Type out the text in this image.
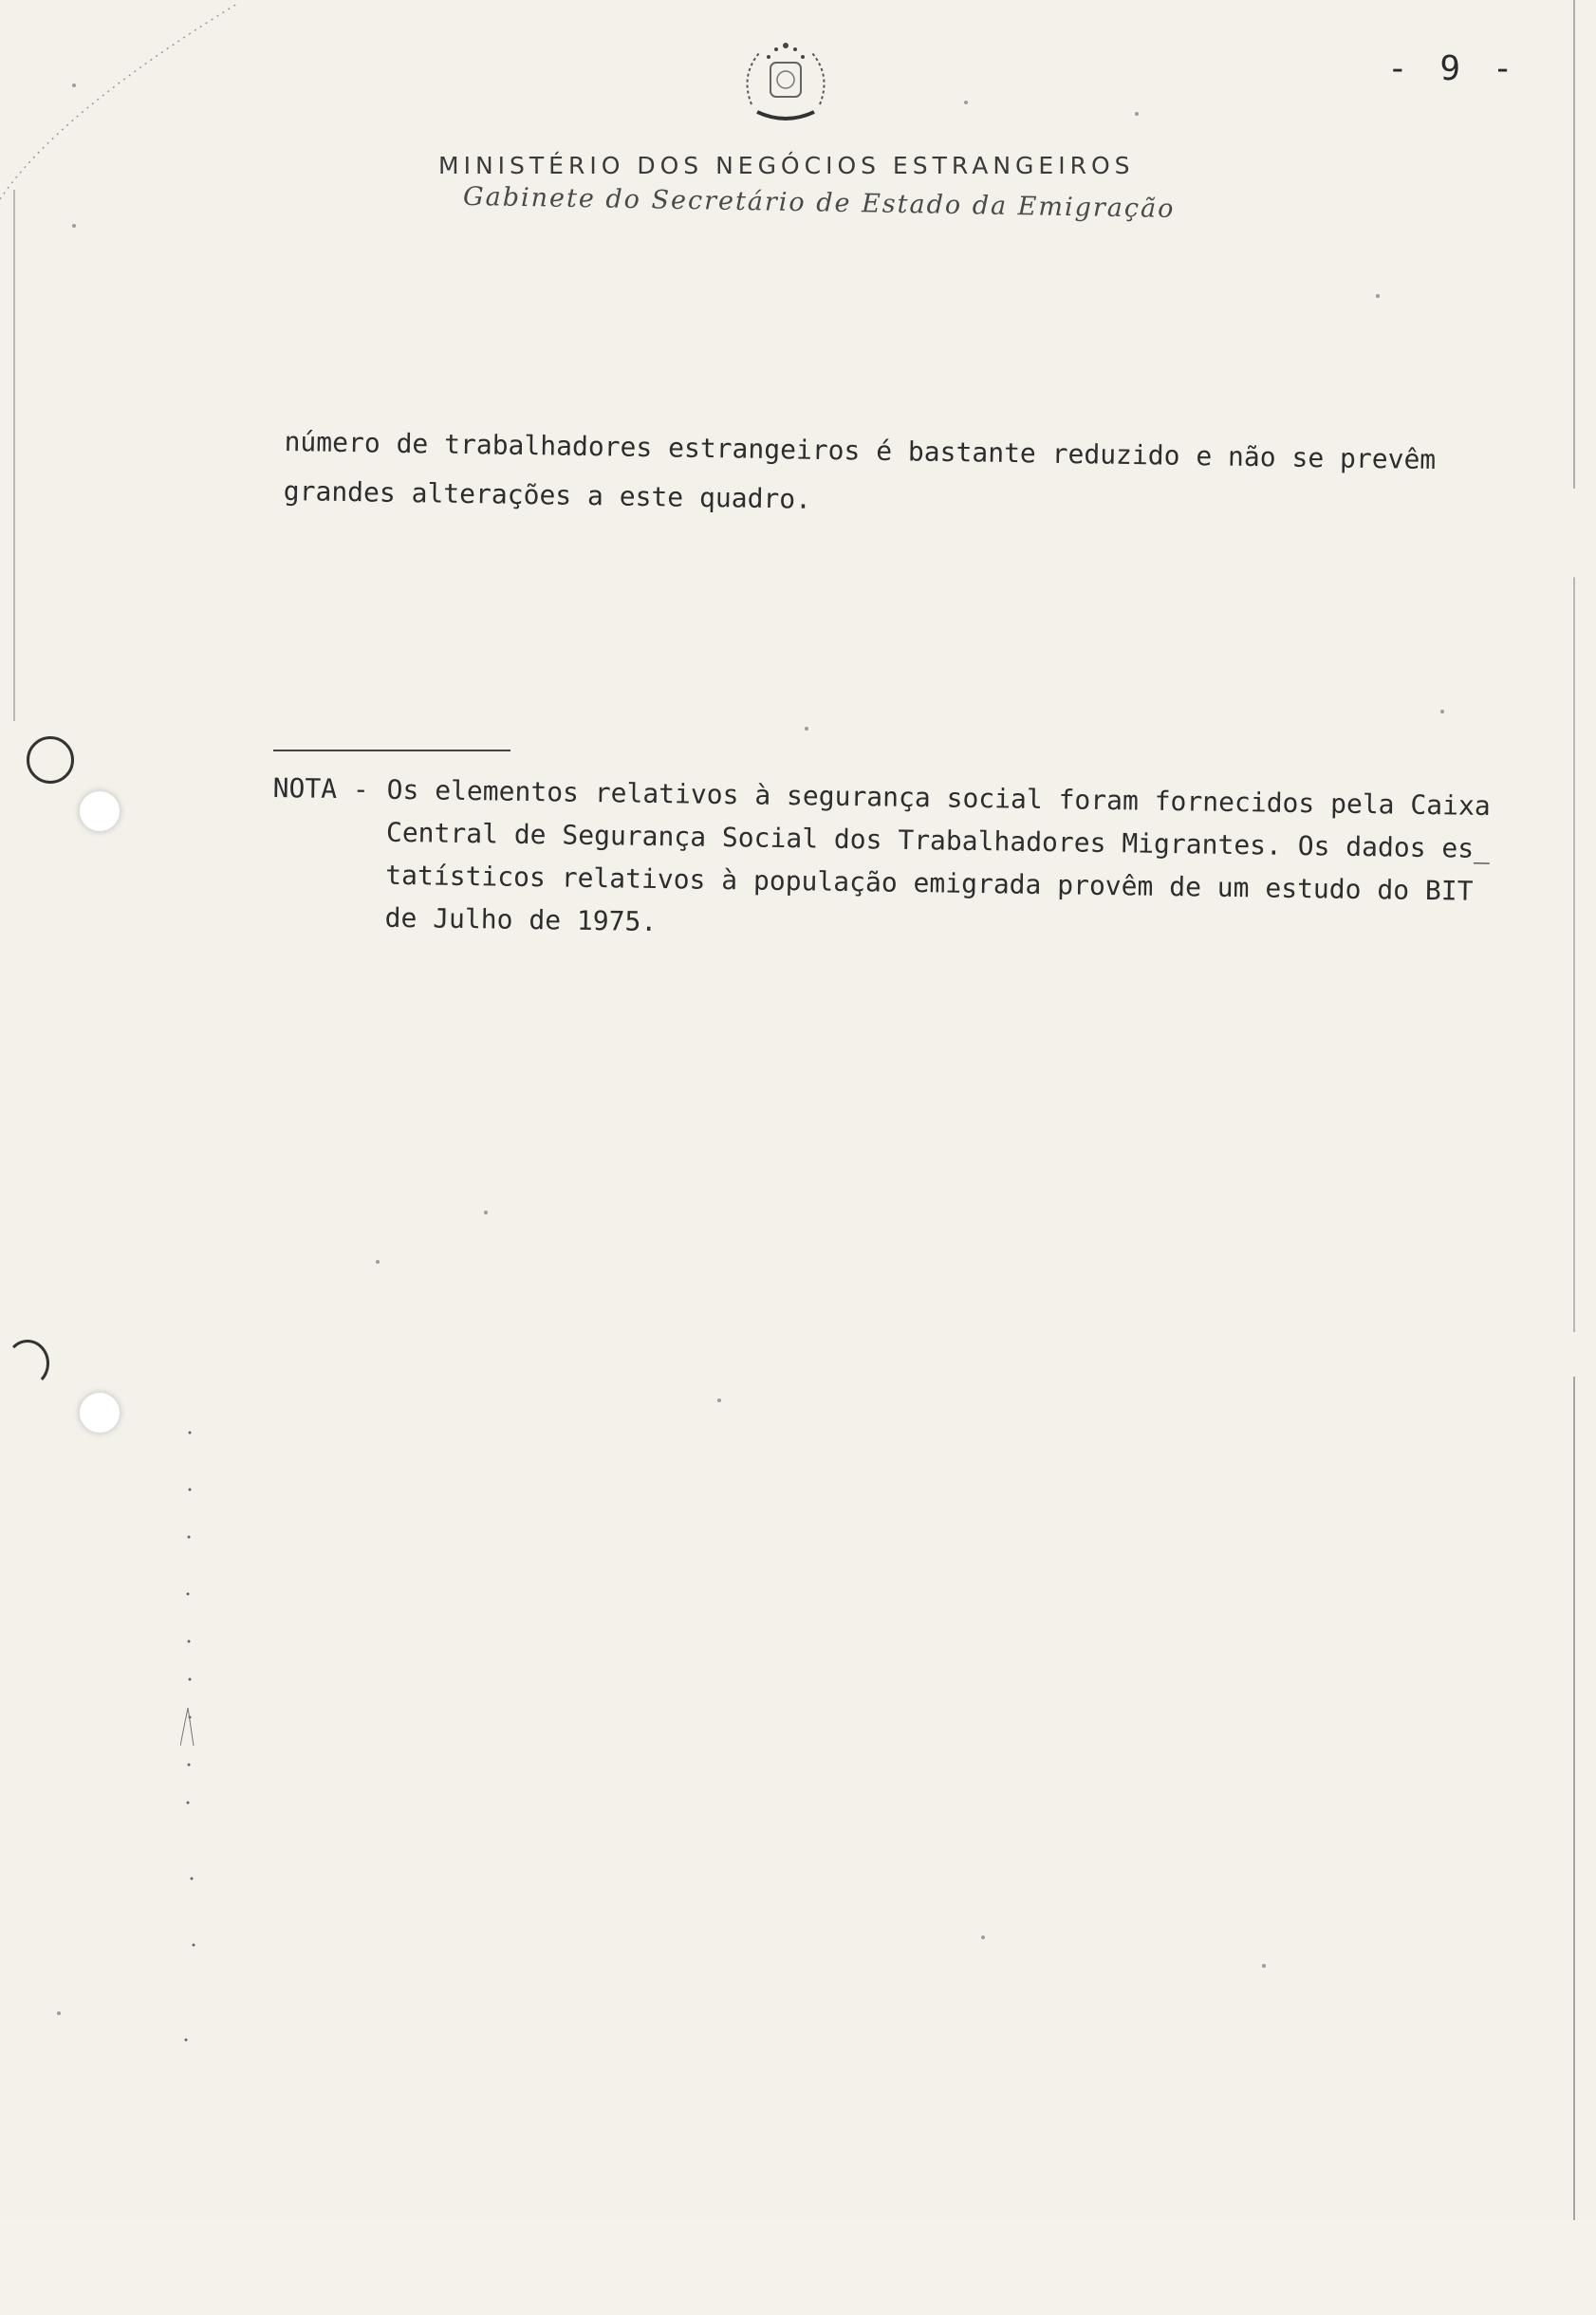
- 9 -
MINISTÉRIO DOS NEGÓCIOS ESTRANGEIROS
Gabinete do Secretário de Estado da Emigração

número de trabalhadores estrangeiros é bastante reduzido e não se prevêm

grandes alterações a este quadro.

NOTA - Os elementos relativos à segurança social foram fornecidos pela Caixa
Central de Segurança Social dos Trabalhadores Migrantes. Os dados es_
tatísticos relativos à população emigrada provêm de um estudo do BIT
de Julho de 1975.
